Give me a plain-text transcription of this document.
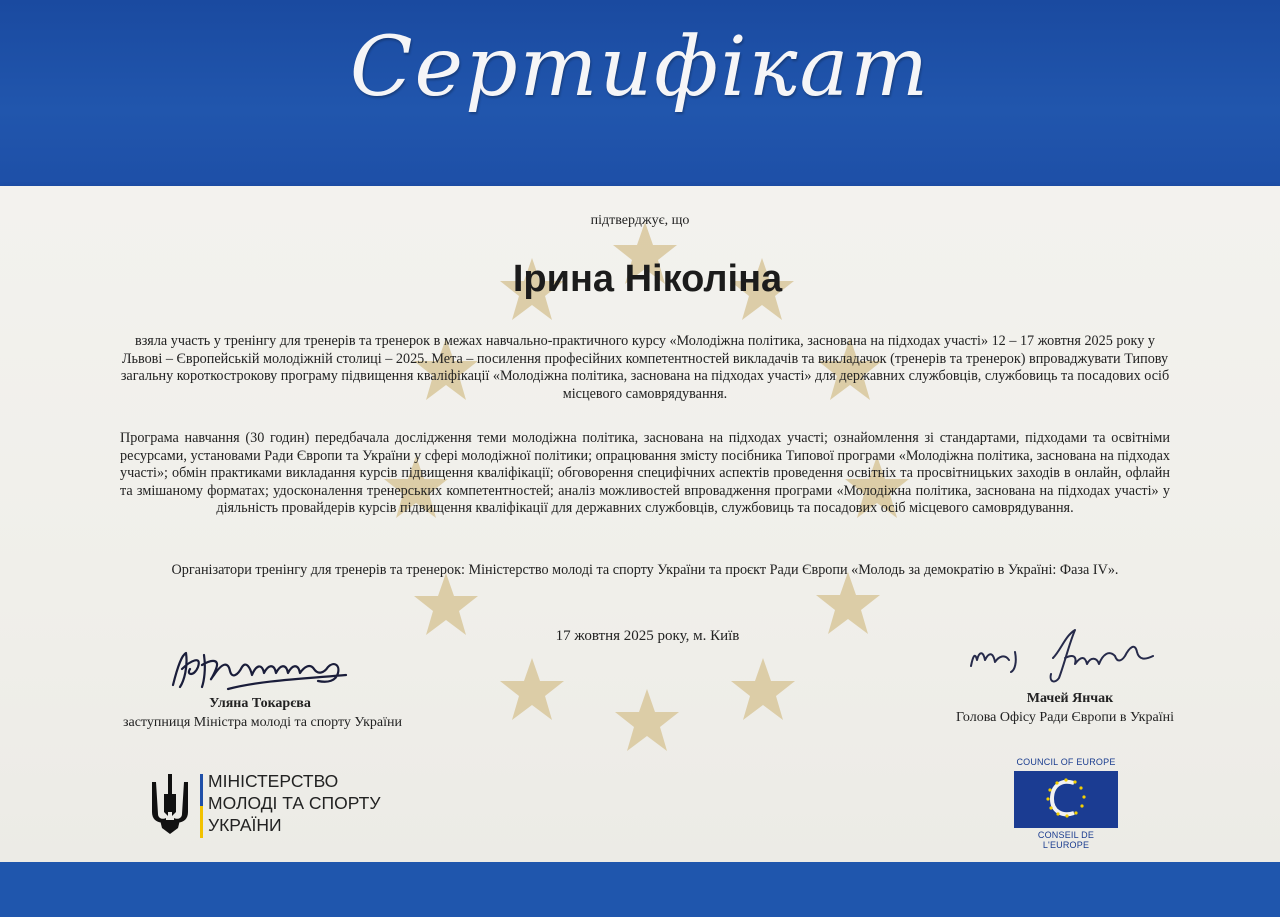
Сертифікат
підтверджує, що
Ірина Ніколіна
взяла участь у тренінгу для тренерів та тренерок в межах навчально-практичного курсу «Молодіжна політика, заснована на підходах участі» 12 – 17 жовтня 2025 року у Львові – Європейській молодіжній столиці – 2025. Мета – посилення професійних компетентностей викладачів та викладачок (тренерів та тренерок) впроваджувати Типову загальну короткострокову програму підвищення кваліфікації «Молодіжна політика, заснована на підходах участі» для державних службовців, службовиць та посадових осіб місцевого самоврядування.
Програма навчання (30 годин) передбачала дослідження теми молодіжна політика, заснована на підходах участі; ознайомлення зі стандартами, підходами та освітніми ресурсами, установами Ради Європи та України у сфері молодіжної політики; опрацювання змісту посібника Типової програми «Молодіжна політика, заснована на підходах участі»; обмін практиками викладання курсів підвищення кваліфікації; обговорення специфічних аспектів проведення освітніх та просвітницьких заходів в онлайн, офлайн та змішаному форматах; удосконалення тренерських компетентностей; аналіз можливостей впровадження програми «Молодіжна політика, заснована на підходах участі» у діяльність провайдерів курсів підвищення кваліфікації для державних службовців, службовиць та посадових осіб місцевого самоврядування.
Організатори тренінгу для тренерів та тренерок: Міністерство молоді та спорту України та проєкт Ради Європи «Молодь за демократію в Україні: Фаза IV».
17 жовтня 2025 року, м. Київ
Уляна Токарєва
заступниця Міністра молоді та спорту України
Мачей Янчак
Голова Офісу Ради Європи в Україні
МІНІСТЕРСТВО
МОЛОДІ ТА СПОРТУ
УКРАЇНИ
COUNCIL OF EUROPE
CONSEIL DE L'EUROPE
